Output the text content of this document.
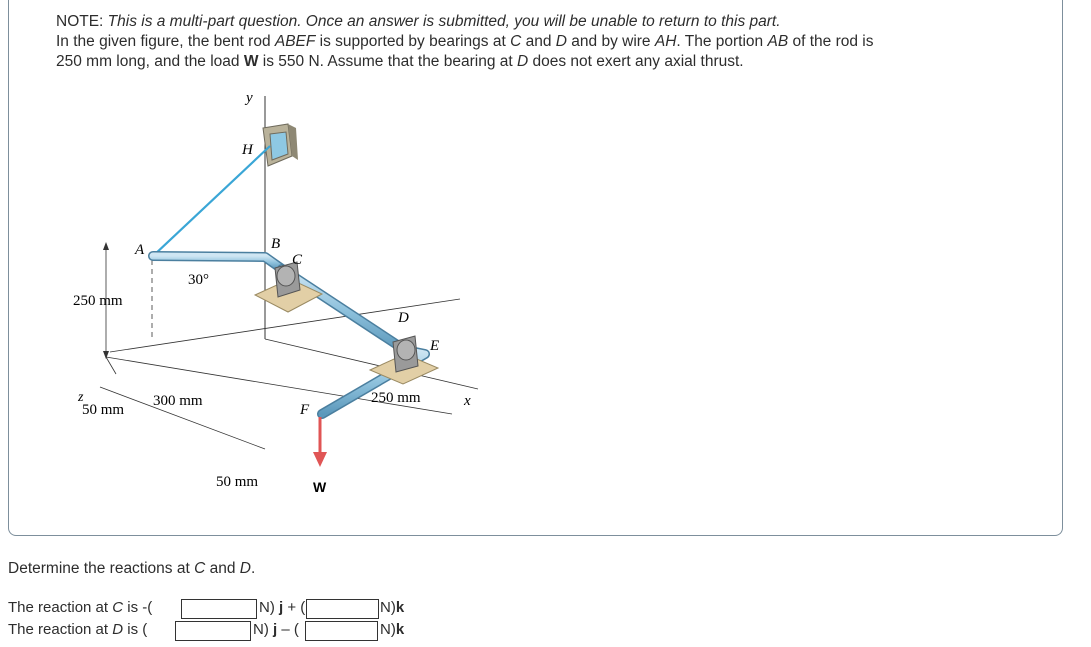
NOTE: This is a multi-part question. Once an answer is submitted, you will be unable to return to this part.

In the given figure, the bent rod ABEF is supported by bearings at C and D and by wire AH. The portion AB of the rod is

250 mm long, and the load W is 550 N. Assume that the bearing at D does not exert any axial thrust.

y
H
A	B
C
D
E
F
x
z
250 mm
30°
50 mm
300 mm	250 mm
50 mm	W
Determine the reactions at C and D.
The reaction at C is -(	N) j + (	N)k
The reaction at D is (	N) j – (	N)k
